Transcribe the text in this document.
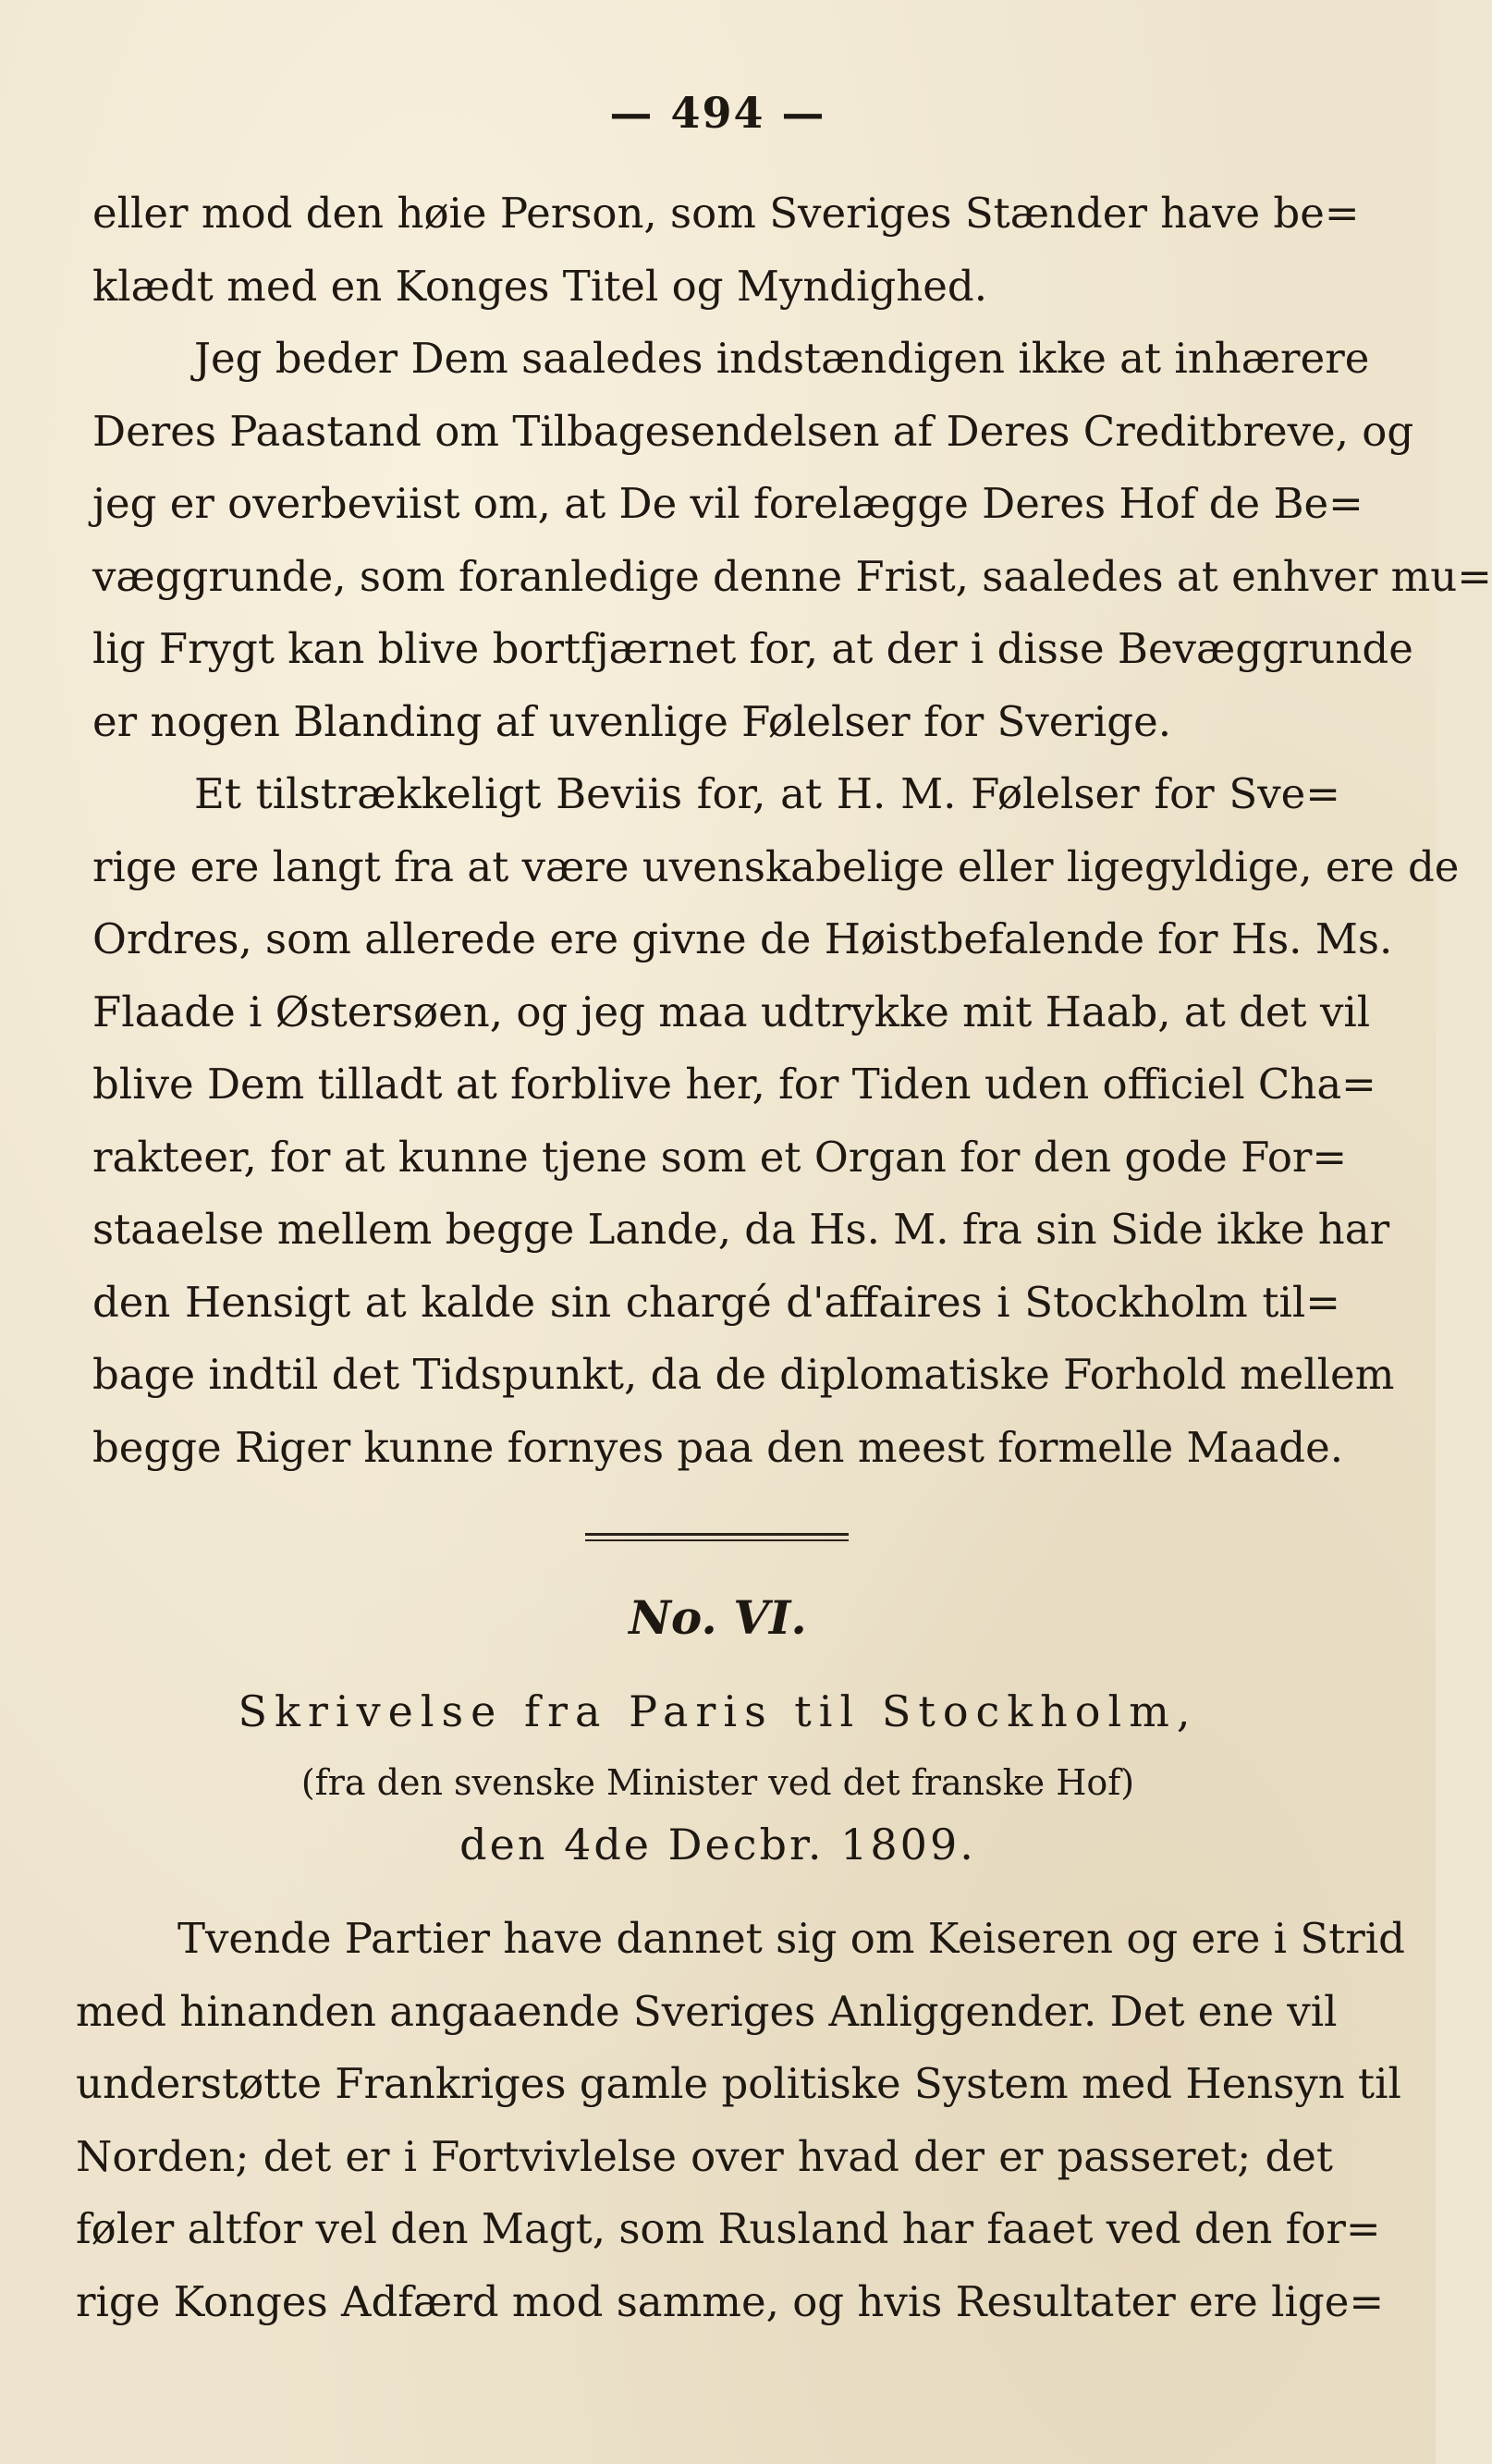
— 494 —
eller mod den høie Person, som Sveriges Stænder have be=
klædt med en Konges Titel og Myndighed.
Jeg beder Dem saaledes indstændigen ikke at inhærere
Deres Paastand om Tilbagesendelsen af Deres Creditbreve, og
jeg er overbeviist om, at De vil forelægge Deres Hof de Be=
væggrunde, som foranledige denne Frist, saaledes at enhver mu=
lig Frygt kan blive bortfjærnet for, at der i disse Bevæggrunde
er nogen Blanding af uvenlige Følelser for Sverige.
Et tilstrækkeligt Beviis for, at H. M. Følelser for Sve=
rige ere langt fra at være uvenskabelige eller ligegyldige, ere de
Ordres, som allerede ere givne de Høistbefalende for Hs. Ms.
Flaade i Østersøen, og jeg maa udtrykke mit Haab, at det vil
blive Dem tilladt at forblive her, for Tiden uden officiel Cha=
rakteer, for at kunne tjene som et Organ for den gode For=
staaelse mellem begge Lande, da Hs. M. fra sin Side ikke har
den Hensigt at kalde sin chargé d'affaires i Stockholm til=
bage indtil det Tidspunkt, da de diplomatiske Forhold mellem
begge Riger kunne fornyes paa den meest formelle Maade.
No. VI.
Skrivelse fra Paris til Stockholm,
(fra den svenske Minister ved det franske Hof)
den 4de Decbr. 1809.
Tvende Partier have dannet sig om Keiseren og ere i Strid
med hinanden angaaende Sveriges Anliggender. Det ene vil
understøtte Frankriges gamle politiske System med Hensyn til
Norden; det er i Fortvivlelse over hvad der er passeret; det
føler altfor vel den Magt, som Rusland har faaet ved den for=
rige Konges Adfærd mod samme, og hvis Resultater ere lige=
